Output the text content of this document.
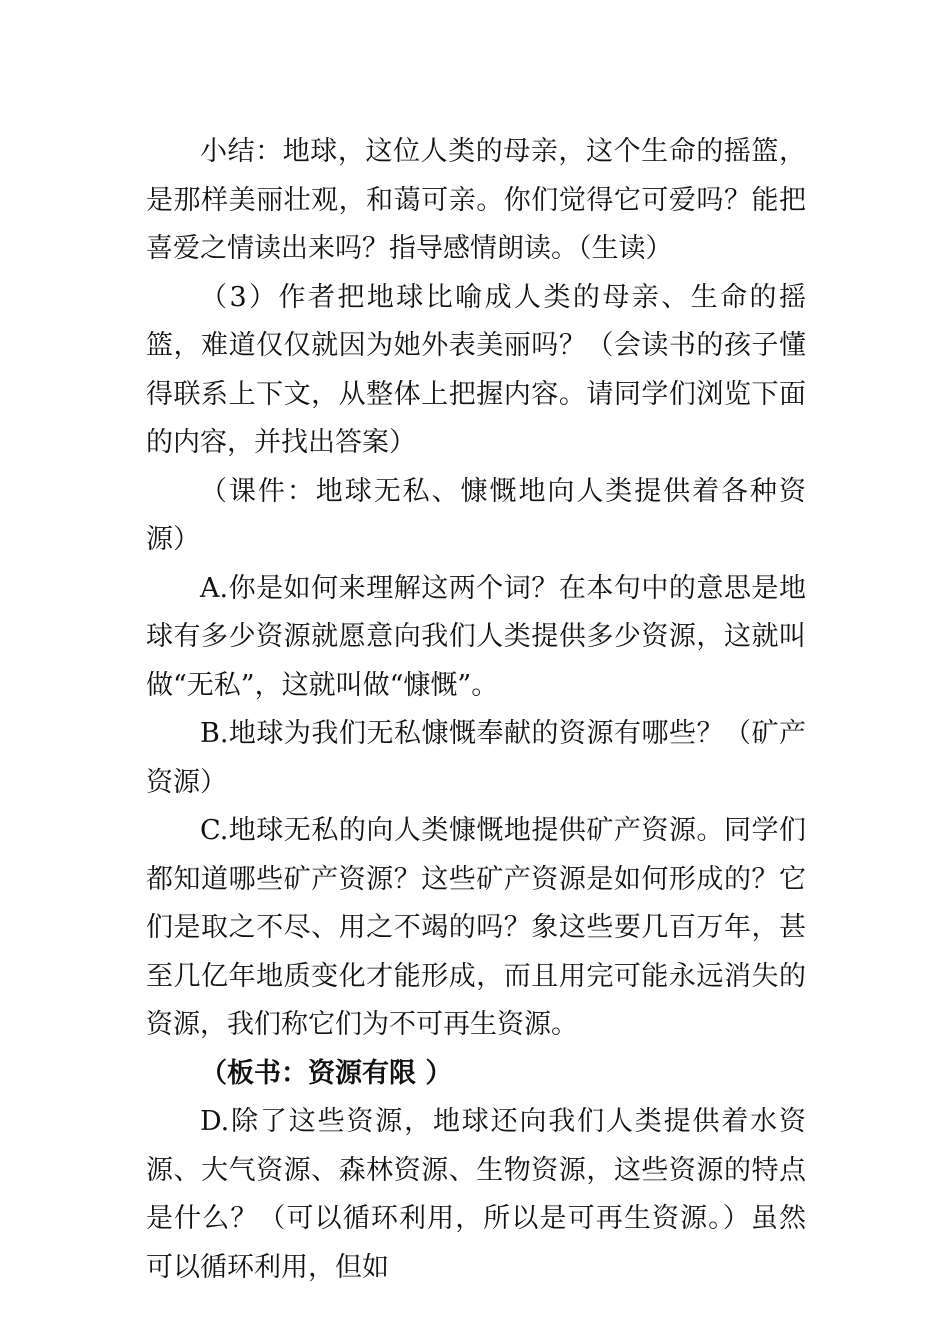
小结：地球，这位人类的母亲，这个生命的摇篮，是那样美丽壮观，和蔼可亲。你们觉得它可爱吗？能把喜爱之情读出来吗？指导感情朗读。（生读）

（3）作者把地球比喻成人类的母亲、生命的摇篮，难道仅仅就因为她外表美丽吗？（会读书的孩子懂得联系上下文，从整体上把握内容。请同学们浏览下面的内容，并找出答案）

（课件：地球无私、慷慨地向人类提供着各种资源）

A.你是如何来理解这两个词？在本句中的意思是地球有多少资源就愿意向我们人类提供多少资源，这就叫做“无私”，这就叫做“慷慨”。

B.地球为我们无私慷慨奉献的资源有哪些？（矿产资源）

C.地球无私的向人类慷慨地提供矿产资源。同学们都知道哪些矿产资源？这些矿产资源是如何形成的？它们是取之不尽、用之不竭的吗？象这些要几百万年，甚至几亿年地质变化才能形成，而且用完可能永远消失的资源，我们称它们为不可再生资源。

（板书：资源有限 ）

D.除了这些资源，地球还向我们人类提供着水资源、大气资源、森林资源、生物资源，这些资源的特点是什么？（可以循环利用，所以是可再生资源。）虽然可以循环利用，但如
